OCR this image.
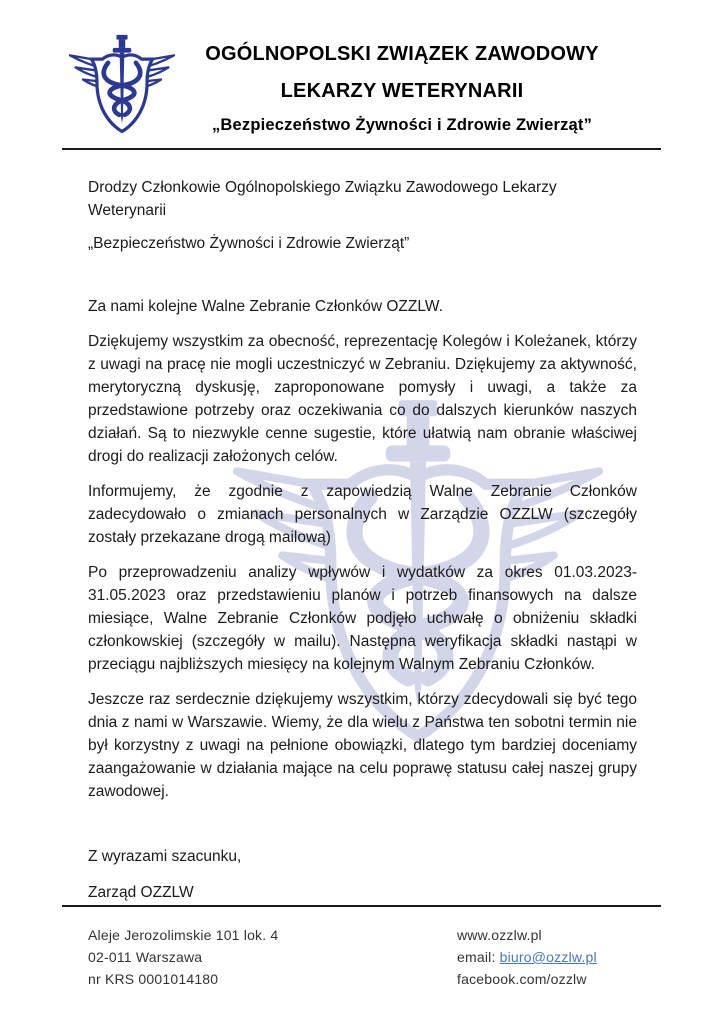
OGÓLNOPOLSKI ZWIĄZEK ZAWODOWY
LEKARZY WETERYNARII
„Bezpieczeństwo Żywności i Zdrowie Zwierząt”

Drodzy Członkowie Ogólnopolskiego Związku Zawodowego Lekarzy Weterynarii

„Bezpieczeństwo Żywności i Zdrowie Zwierząt”

Za nami kolejne Walne Zebranie Członków OZZLW.

Dziękujemy wszystkim za obecność, reprezentację Kolegów i Koleżanek, którzy z uwagi na pracę nie mogli uczestniczyć w Zebraniu. Dziękujemy za aktywność, merytoryczną dyskusję, zaproponowane pomysły i uwagi, a także za przedstawione potrzeby oraz oczekiwania co do dalszych kierunków naszych działań. Są to niezwykle cenne sugestie, które ułatwią nam obranie właściwej drogi do realizacji założonych celów.

Informujemy, że zgodnie z zapowiedzią Walne Zebranie Członków zadecydowało o zmianach personalnych w Zarządzie OZZLW (szczegóły zostały przekazane drogą mailową)

Po przeprowadzeniu analizy wpływów i wydatków za okres 01.03.2023-31.05.2023 oraz przedstawieniu planów i potrzeb finansowych na dalsze miesiące, Walne Zebranie Członków podjęło uchwałę o obniżeniu składki członkowskiej (szczegóły w mailu). Następna weryfikacja składki nastąpi w przeciągu najbliższych miesięcy na kolejnym Walnym Zebraniu Członków.

Jeszcze raz serdecznie dziękujemy wszystkim, którzy zdecydowali się być tego dnia z nami w Warszawie. Wiemy, że dla wielu z Państwa ten sobotni termin nie był korzystny z uwagi na pełnione obowiązki, dlatego tym bardziej doceniamy zaangażowanie w działania mające na celu poprawę statusu całej naszej grupy zawodowej.

Z wyrazami szacunku,

Zarząd OZZLW

Aleje Jerozolimskie 101 lok. 4
02-011 Warszawa
nr KRS 0001014180
www.ozzlw.pl
email: biuro@ozzlw.pl
facebook.com/ozzlw
